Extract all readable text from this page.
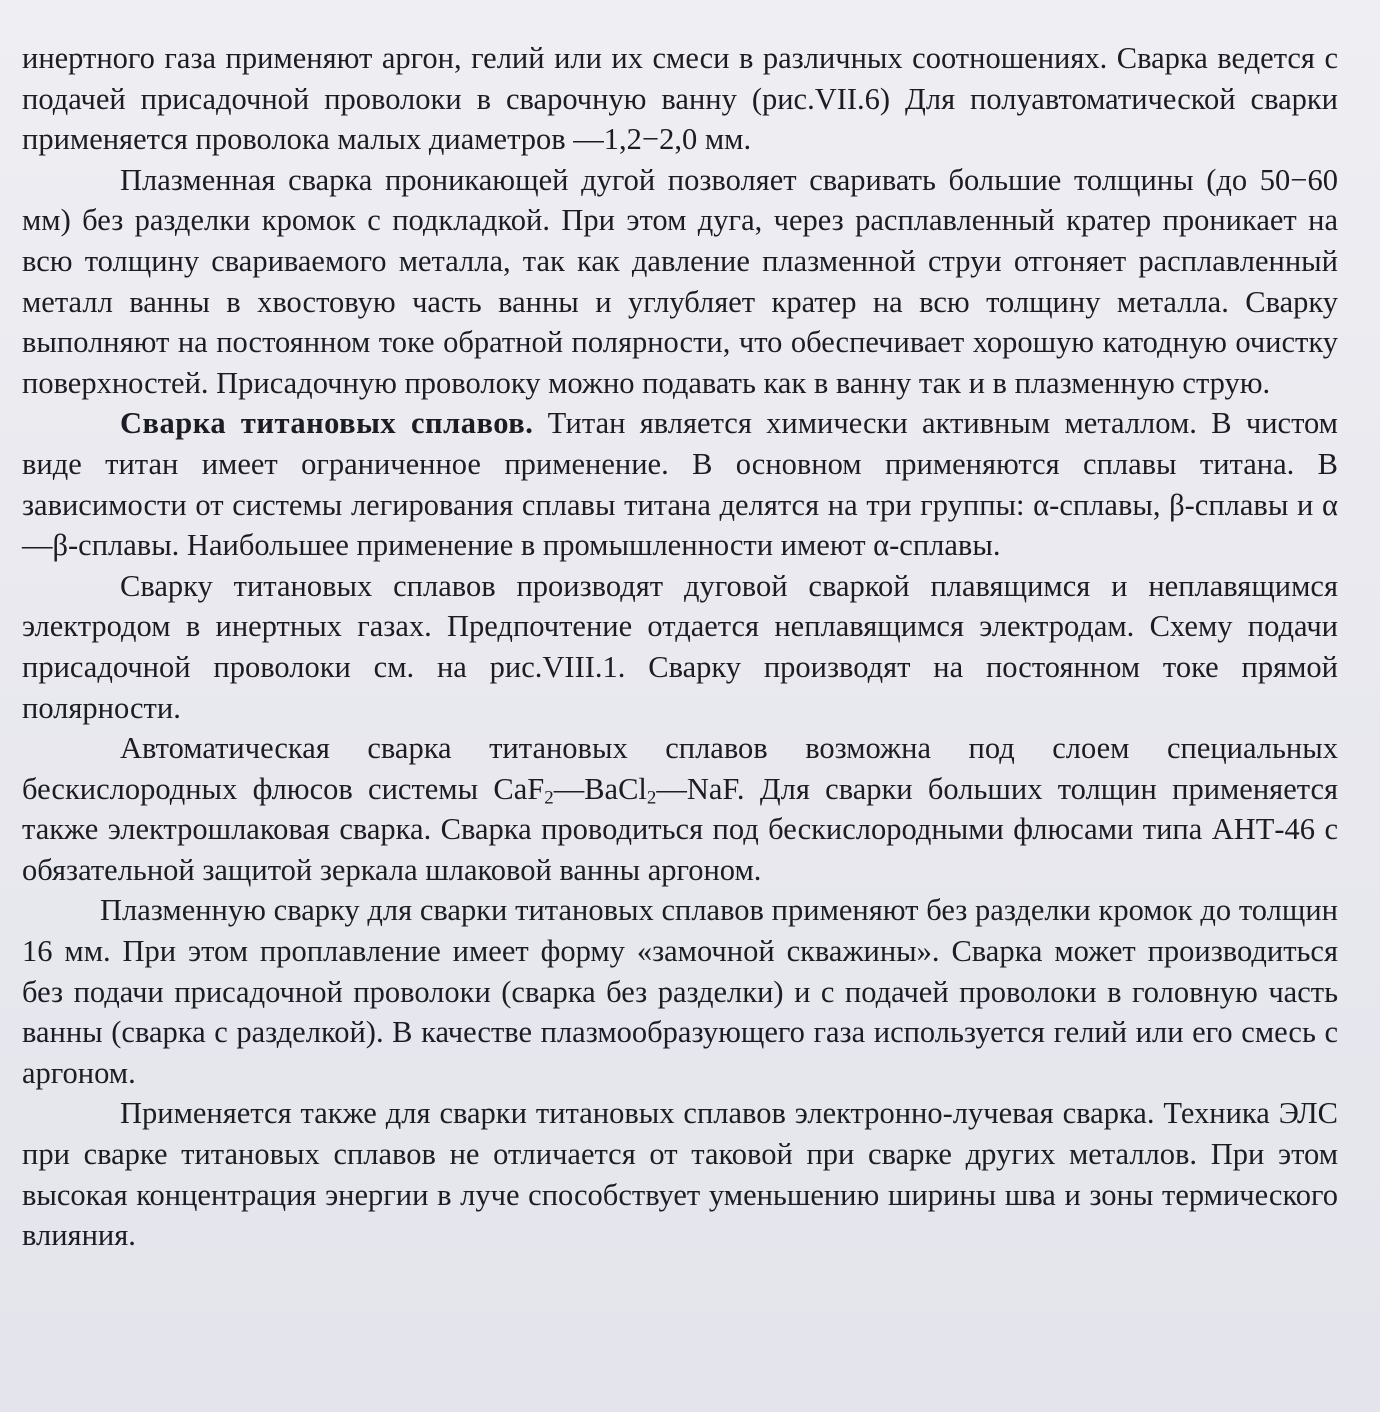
инертного газа применяют аргон, гелий или их смеси в различных соотношениях. Сварка ведется с подачей присадочной проволоки в сварочную ванну (рис.VII.6) Для полуавтоматической сварки применяется проволока малых диаметров —1,2−2,0 мм.

Плазменная сварка проникающей дугой позволяет сваривать большие толщины (до 50−60 мм) без разделки кромок с подкладкой. При этом дуга, через расплавленный кратер проникает на всю толщину свариваемого металла, так как давление плазменной струи отгоняет расплавленный металл ванны в хвостовую часть ванны и углубляет кратер на всю толщину металла. Сварку выполняют на постоянном токе обратной полярности, что обеспечивает хорошую катодную очистку поверхностей. Присадочную проволоку можно подавать как в ванну так и в плазменную струю.

Сварка титановых сплавов. Титан является химически активным металлом. В чистом виде титан имеет ограниченное применение. В основном применяются сплавы титана. В зависимости от системы легирования сплавы титана делятся на три группы: α-сплавы, β-сплавы и α—β-сплавы. Наибольшее применение в промышленности имеют α-сплавы.

Сварку титановых сплавов производят дуговой сваркой плавящимся и неплавящимся электродом в инертных газах. Предпочтение отдается неплавящимся электродам. Схему подачи присадочной проволоки см. на рис.VIII.1. Сварку производят на постоянном токе прямой полярности.

Автоматическая сварка титановых сплавов возможна под слоем специальных бескислородных флюсов системы CaF$_2$—BaCl$_2$—NaF. Для сварки больших толщин применяется также электрошлаковая сварка. Сварка проводиться под бескислородными флюсами типа АНТ-46 с обязательной защитой зеркала шлаковой ванны аргоном.

Плазменную сварку для сварки титановых сплавов применяют без разделки кромок до толщин 16 мм. При этом проплавление имеет форму «замочной скважины». Сварка может производиться без подачи присадочной проволоки (сварка без разделки) и с подачей проволоки в головную часть ванны (сварка с разделкой). В качестве плазмообразующего газа используется гелий или его смесь с аргоном.

Применяется также для сварки титановых сплавов электронно-лучевая сварка. Техника ЭЛС при сварке титановых сплавов не отличается от таковой при сварке других металлов. При этом высокая концентрация энергии в луче способствует уменьшению ширины шва и зоны термического влияния.
